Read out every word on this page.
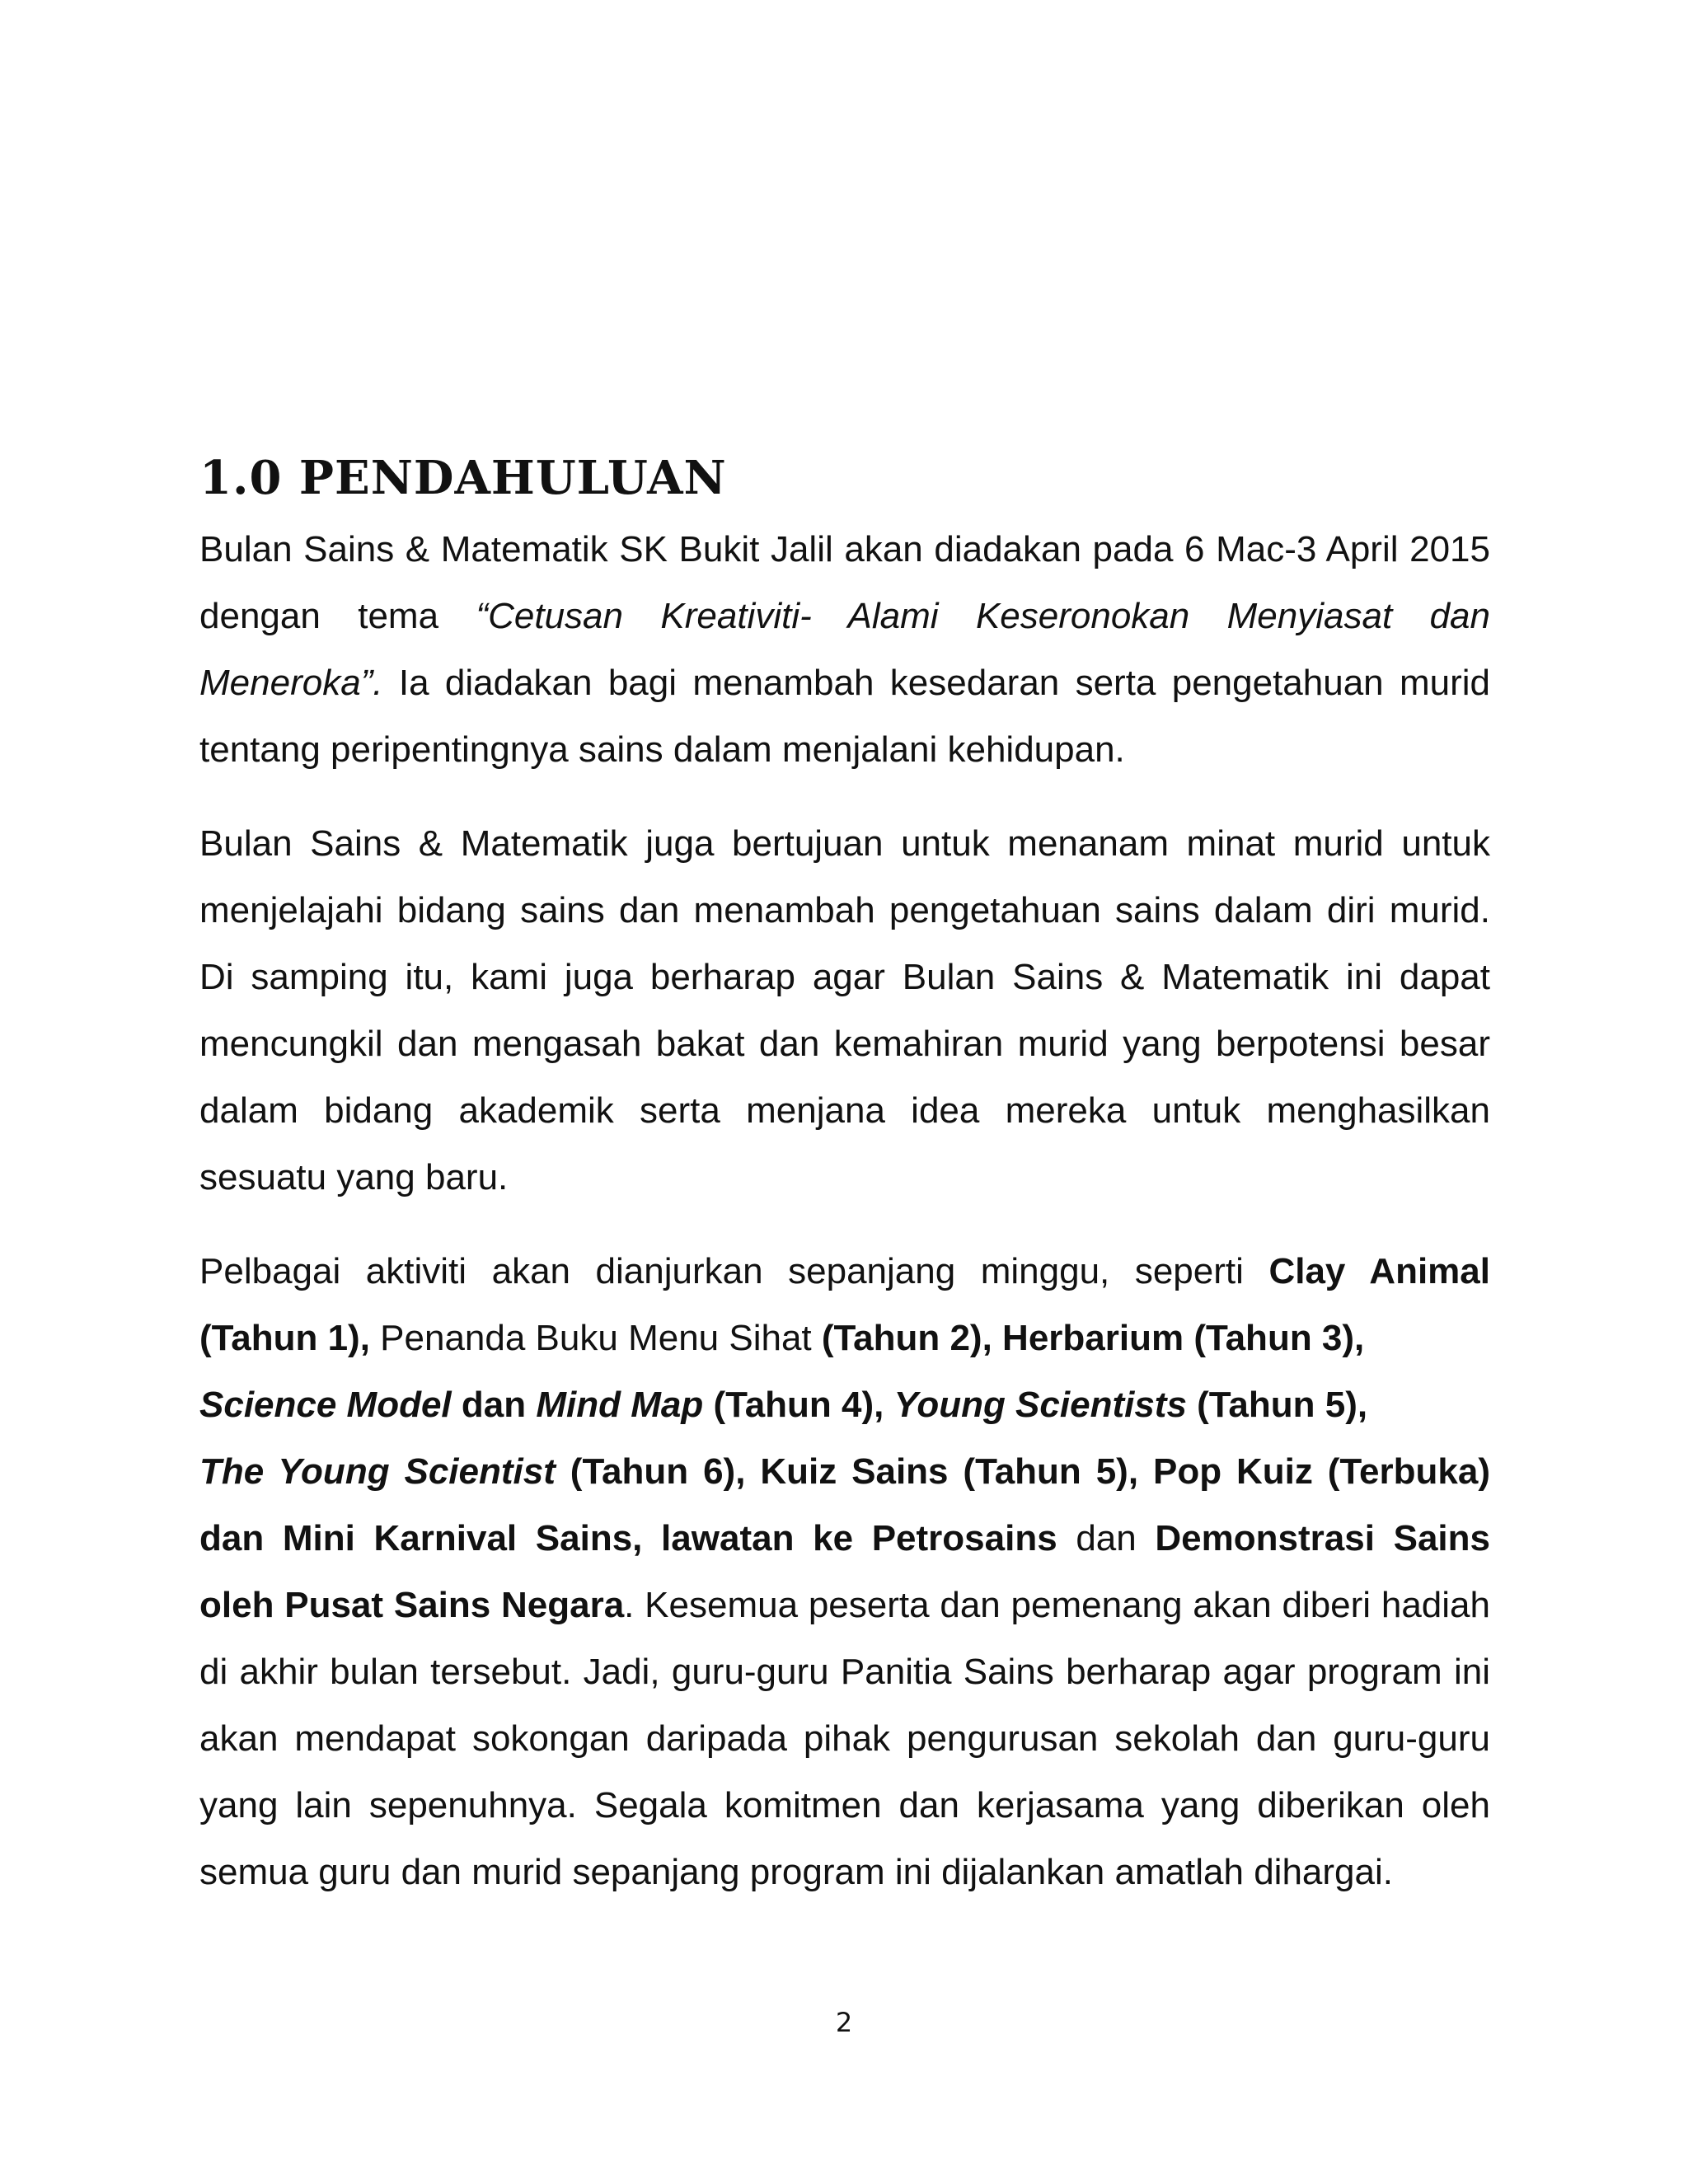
1.0 PENDAHULUAN

Bulan Sains & Matematik SK Bukit Jalil akan diadakan pada 6 Mac-3 April 2015 dengan tema “Cetusan Kreativiti- Alami Keseronokan Menyiasat dan Meneroka”. Ia diadakan bagi menambah kesedaran serta pengetahuan murid tentang peripentingnya sains dalam menjalani kehidupan.

Bulan Sains & Matematik juga bertujuan untuk menanam minat murid untuk menjelajahi bidang sains dan menambah pengetahuan sains dalam diri murid. Di samping itu, kami juga berharap agar Bulan Sains & Matematik ini dapat mencungkil dan mengasah bakat dan kemahiran murid yang berpotensi besar dalam bidang akademik serta menjana idea mereka untuk menghasilkan sesuatu yang baru.

Pelbagai aktiviti akan dianjurkan sepanjang minggu, seperti Clay Animal (Tahun 1), Penanda Buku Menu Sihat (Tahun 2), Herbarium (Tahun 3),
Science Model dan Mind Map (Tahun 4), Young Scientists (Tahun 5),
The Young Scientist (Tahun 6), Kuiz Sains (Tahun 5), Pop Kuiz (Terbuka) dan Mini Karnival Sains, lawatan ke Petrosains dan Demonstrasi Sains oleh Pusat Sains Negara. Kesemua peserta dan pemenang akan diberi hadiah di akhir bulan tersebut. Jadi, guru-guru Panitia Sains berharap agar program ini akan mendapat sokongan daripada pihak pengurusan sekolah dan guru-guru yang lain sepenuhnya. Segala komitmen dan kerjasama yang diberikan oleh semua guru dan murid sepanjang program ini dijalankan amatlah dihargai.

2
